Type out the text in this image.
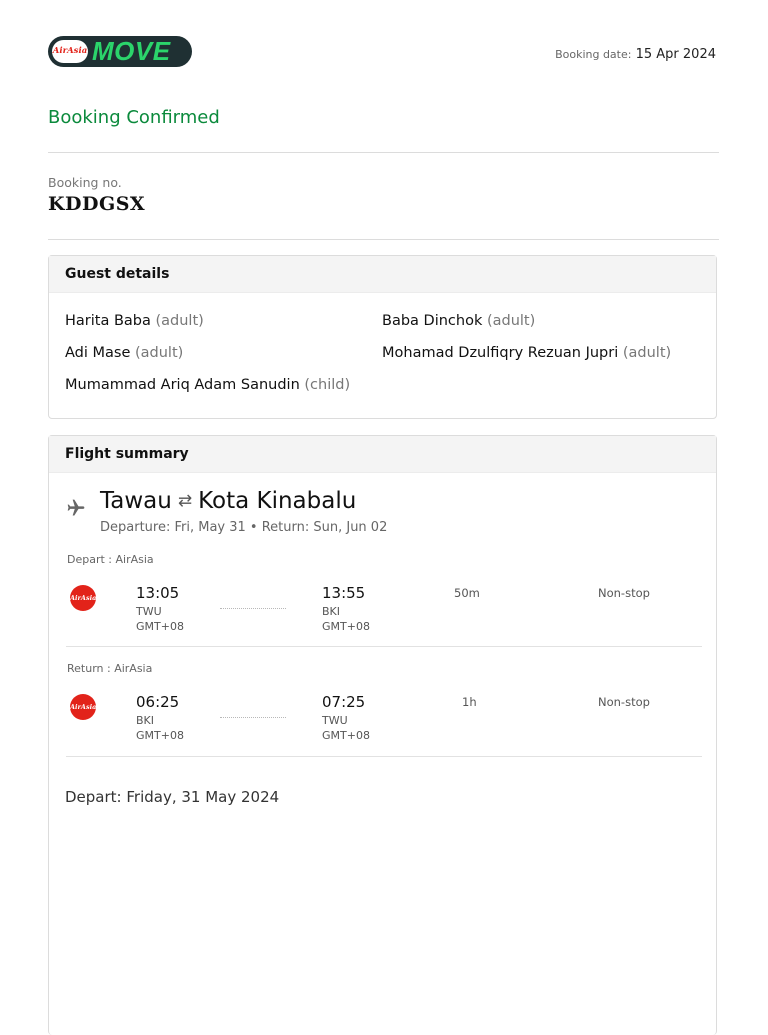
AirAsia MOVE	Booking date: 15 Apr 2024
Booking Confirmed
Booking no.
KDDGSX
Guest details
Harita Baba (adult)	Baba Dinchok (adult)
Adi Mase (adult)	Mohamad Dzulfiqry Rezuan Jupri (adult)
Mumammad Ariq Adam Sanudin (child)
Flight summary
Tawau ⇄ Kota Kinabalu
Departure: Fri, May 31 • Return: Sun, Jun 02
Depart : AirAsia
AirAsia	13:05
TWU
GMT+08
13:55
BKI
GMT+08
50m	Non-stop
Return : AirAsia
AirAsia	06:25
BKI
GMT+08
07:25
TWU
GMT+08
1h	Non-stop
Depart: Friday, 31 May 2024
